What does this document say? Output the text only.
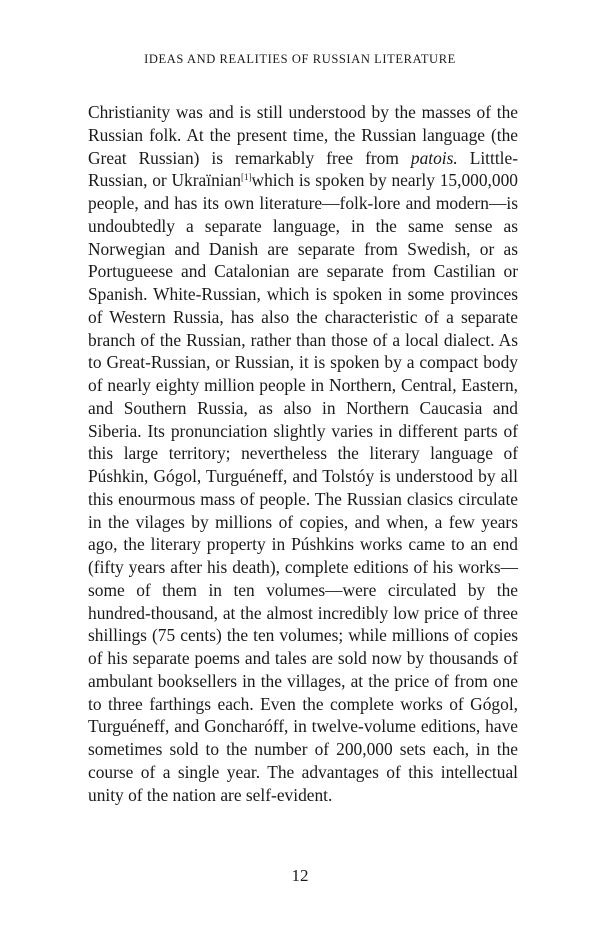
IDEAS AND REALITIES OF RUSSIAN LITERATURE

Christianity was and is still understood by the masses of the Russian folk. At the present time, the Russian language (the Great Russian) is remarkably free from patois. Litttle-Russian, or Ukraïnian[1]which is spoken by nearly 15,000,000 people, and has its own literature—folk-lore and modern—is undoubtedly a separate language, in the same sense as Norwegian and Danish are separate from Swedish, or as Portugueese and Catalonian are separate from Castilian or Spanish. White-Russian, which is spoken in some provinces of Western Russia, has also the characteristic of a separate branch of the Russian, rather than those of a local dialect. As to Great-Russian, or Russian, it is spoken by a compact body of nearly eighty million people in Northern, Central, Eastern, and Southern Russia, as also in Northern Caucasia and Siberia. Its pronunciation slightly varies in different parts of this large territory; nevertheless the literary language of Púshkin, Gógol, Turguéneff, and Tolstóy is understood by all this enourmous mass of people. The Russian clasics circulate in the vilages by millions of copies, and when, a few years ago, the literary property in Púshkins works came to an end (fifty years after his death), complete editions of his works—some of them in ten volumes—were circulated by the hundred-thousand, at the almost incredibly low price of three shillings (75 cents) the ten volumes; while millions of copies of his separate poems and tales are sold now by thousands of ambulant booksellers in the villages, at the price of from one to three farthings each. Even the complete works of Gógol, Turguéneff, and Goncharóff, in twelve-volume editions, have sometimes sold to the number of 200,000 sets each, in the course of a single year. The advantages of this intellectual unity of the nation are self-evident.

12
